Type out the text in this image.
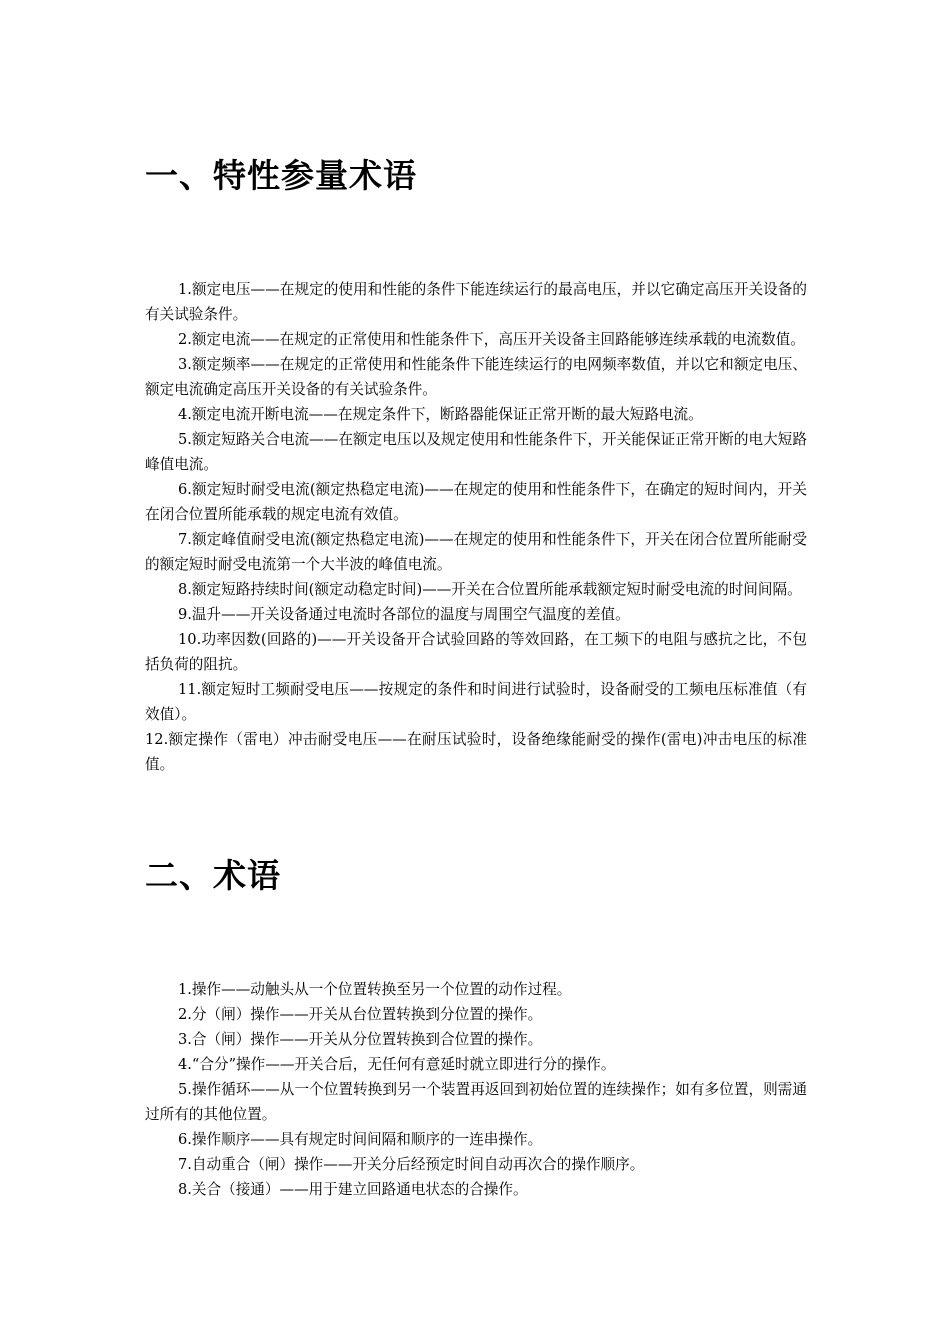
一、特性参量术语
1.额定电压——在规定的使用和性能的条件下能连续运行的最高电压，并以它确定高压开关设备的有关试验条件。
2.额定电流——在规定的正常使用和性能条件下，高压开关设备主回路能够连续承载的电流数值。
3.额定频率——在规定的正常使用和性能条件下能连续运行的电网频率数值，并以它和额定电压、额定电流确定高压开关设备的有关试验条件。
4.额定电流开断电流——在规定条件下，断路器能保证正常开断的最大短路电流。
5.额定短路关合电流——在额定电压以及规定使用和性能条件下，开关能保证正常开断的电大短路峰值电流。
6.额定短时耐受电流(额定热稳定电流)——在规定的使用和性能条件下，在确定的短时间内，开关在闭合位置所能承载的规定电流有效值。
7.额定峰值耐受电流(额定热稳定电流)——在规定的使用和性能条件下，开关在闭合位置所能耐受的额定短时耐受电流第一个大半波的峰值电流。
8.额定短路持续时间(额定动稳定时间)——开关在合位置所能承载额定短时耐受电流的时间间隔。
9.温升——开关设备通过电流时各部位的温度与周围空气温度的差值。
10.功率因数(回路的)——开关设备开合试验回路的等效回路，在工频下的电阻与感抗之比，不包括负荷的阻抗。
11.额定短时工频耐受电压——按规定的条件和时间进行试验时，设备耐受的工频电压标准值（有效值）。
12.额定操作（雷电）冲击耐受电压——在耐压试验时，设备绝缘能耐受的操作(雷电)冲击电压的标准值。
二、术语
1.操作——动触头从一个位置转换至另一个位置的动作过程。
2.分（闸）操作——开关从台位置转换到分位置的操作。
3.合（闸）操作——开关从分位置转换到合位置的操作。
4.“合分”操作——开关合后，无任何有意延时就立即进行分的操作。
5.操作循环——从一个位置转换到另一个装置再返回到初始位置的连续操作；如有多位置，则需通过所有的其他位置。
6.操作顺序——具有规定时间间隔和顺序的一连串操作。
7.自动重合（闸）操作——开关分后经预定时间自动再次合的操作顺序。
8.关合（接通）——用于建立回路通电状态的合操作。
